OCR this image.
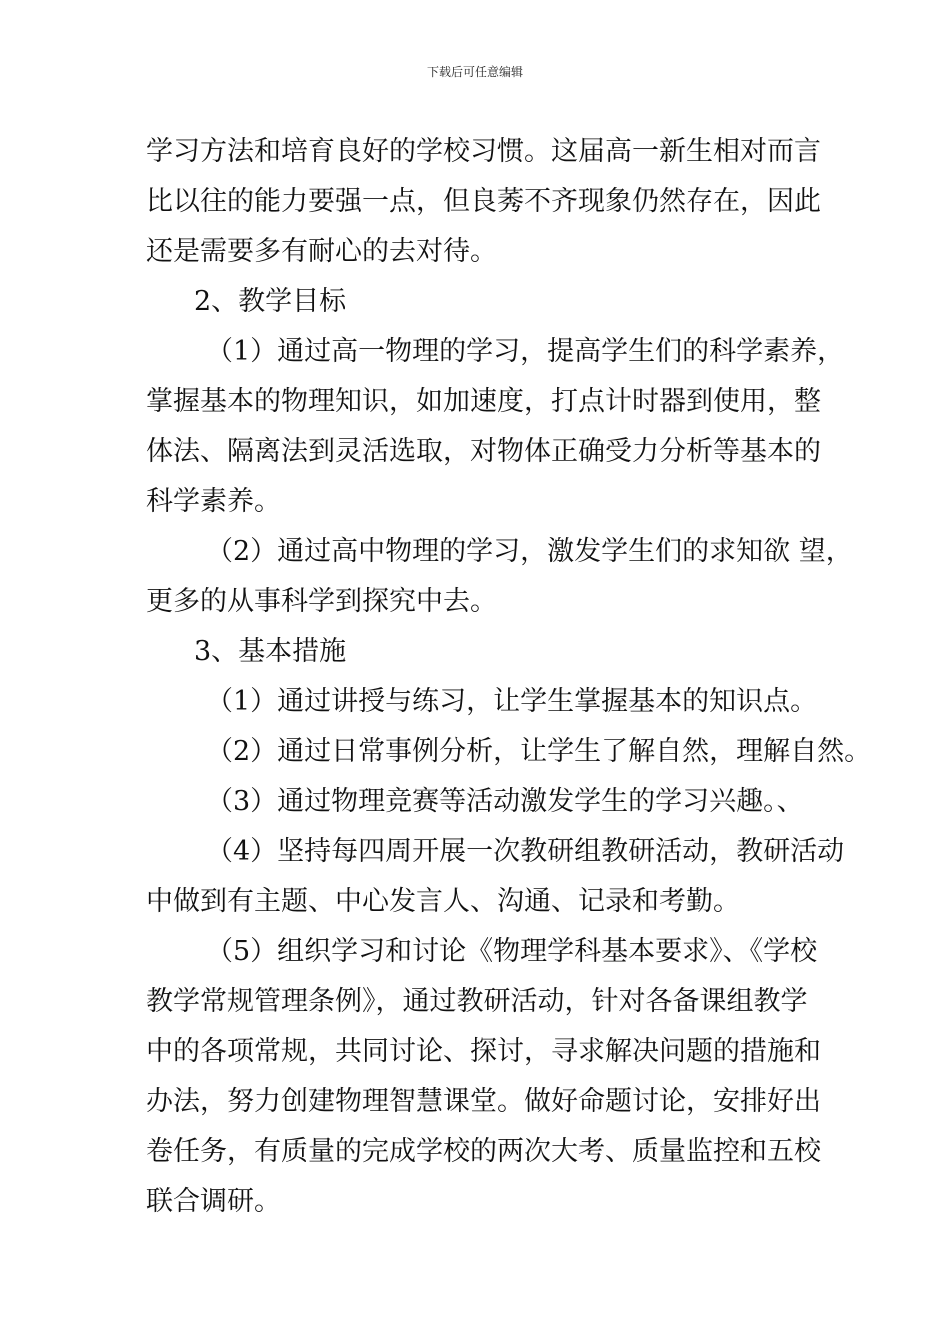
下载后可任意编辑
学习方法和培育良好的学校习惯。这届高一新生相对而言
比以往的能力要强一点，但良莠不齐现象仍然存在，因此
还是需要多有耐心的去对待。
2、教学目标
（1）通过高一物理的学习，提高学生们的科学素养，
掌握基本的物理知识，如加速度，打点计时器到使用，整
体法、隔离法到灵活选取，对物体正确受力分析等基本的
科学素养。
（2）通过高中物理的学习，激发学生们的求知欲 望，
更多的从事科学到探究中去。
3、基本措施
（1）通过讲授与练习，让学生掌握基本的知识点。
（2）通过日常事例分析，让学生了解自然，理解自然。
（3）通过物理竞赛等活动激发学生的学习兴趣。、
（4）坚持每四周开展一次教研组教研活动，教研活动
中做到有主题、中心发言人、沟通、记录和考勤。
（5）组织学习和讨论《物理学科基本要求》、《学校
教学常规管理条例》，通过教研活动，针对各备课组教学
中的各项常规，共同讨论、探讨，寻求解决问题的措施和
办法，努力创建物理智慧课堂。做好命题讨论，安排好出
卷任务，有质量的完成学校的两次大考、质量监控和五校
联合调研。
